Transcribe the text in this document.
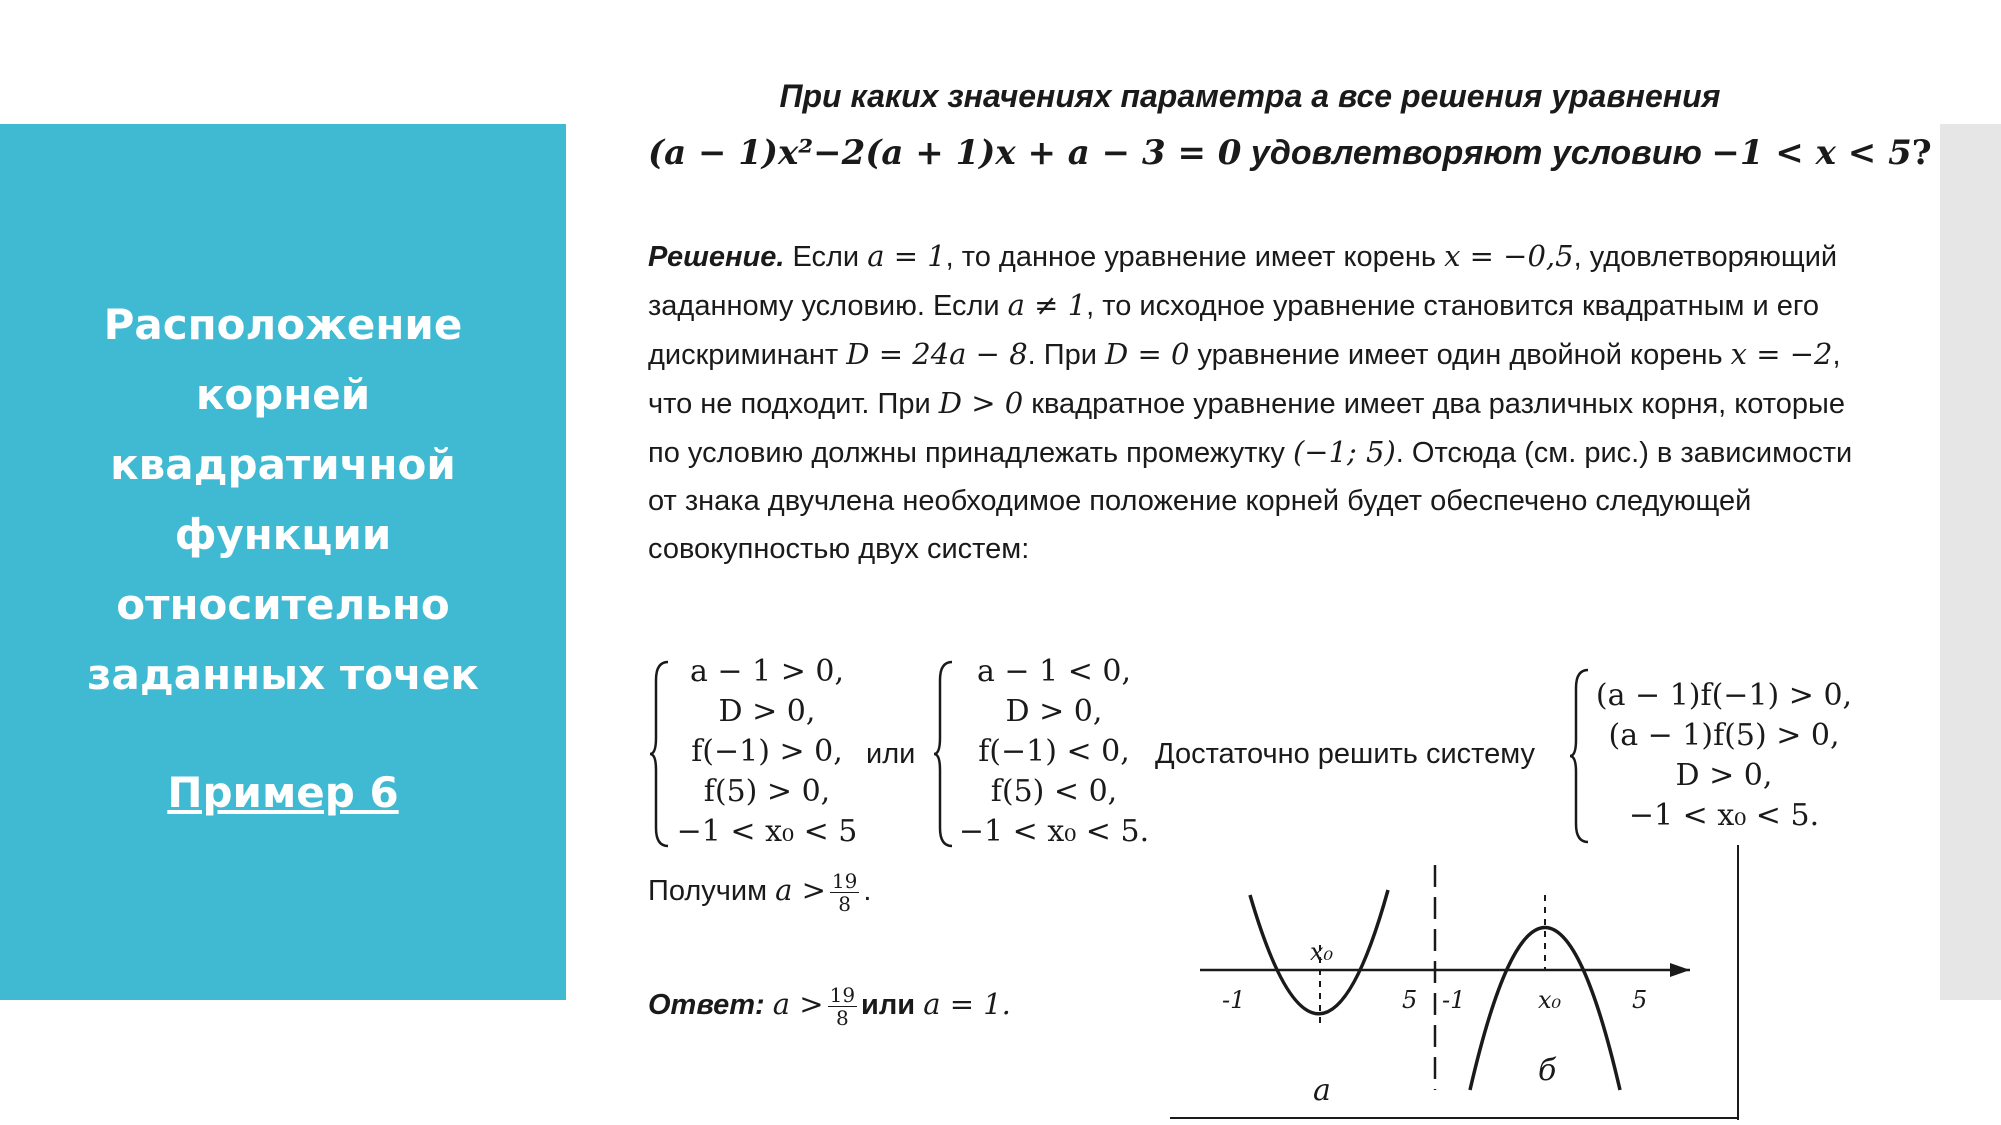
Расположение
корней
квадратичной
функции
относительно
заданных точек
Пример 6
При каких значениях параметра a все решения уравнения
(a − 1)x²−2(a + 1)x + a − 3 = 0 удовлетворяют условию −1 < x < 5?
Решение. Если a = 1, то данное уравнение имеет корень x = −0,5, удовлетворяющий заданному условию. Если a ≠ 1, то исходное уравнение становится квадратным и его дискриминант D = 24a − 8. При D = 0 уравнение имеет один двойной корень x = −2, что не подходит. При D > 0 квадратное уравнение имеет два различных корня, которые по условию должны принадлежать промежутку (−1; 5). Отсюда (см. рис.) в зависимости от знака двучлена необходимое положение корней будет обеспечено следующей совокупностью двух систем:
a − 1 > 0,
D > 0,
f(−1) > 0,
f(5) > 0,
−1 < x₀ < 5
или
a − 1 < 0,
D > 0,
f(−1) < 0,
f(5) < 0,
−1 < x₀ < 5.
Достаточно решить систему
(a − 1)f(−1) > 0,
(a − 1)f(5) > 0,
D > 0,
−1 < x₀ < 5.
Получим $a > \frac{19}{8}$ .
Ответ: $a > \frac{19}{8}$ или a = 1.
x₀
-1	5 -1	x₀	5
а
б
